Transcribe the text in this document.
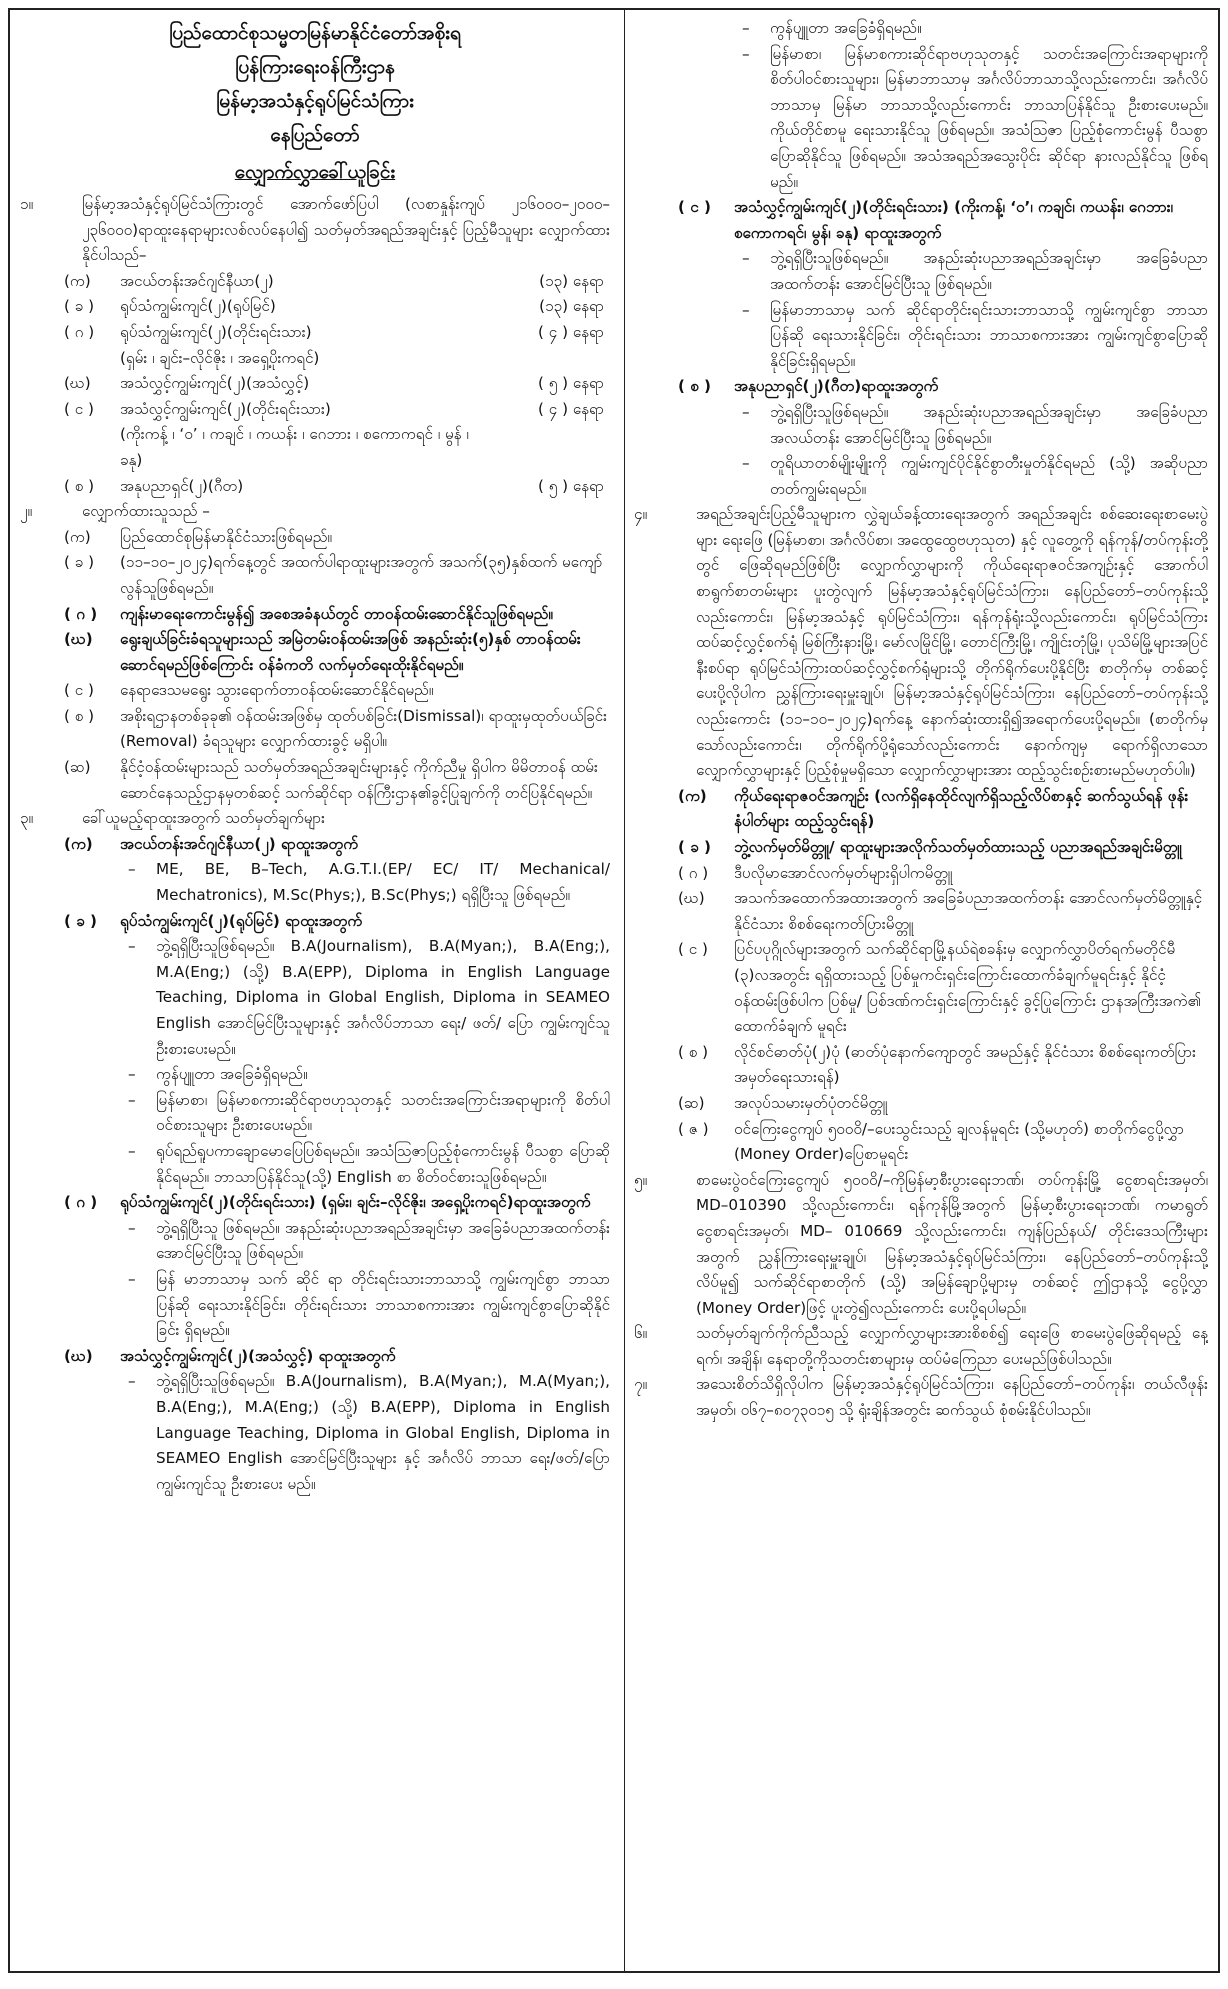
ပြည်ထောင်စုသမ္မတမြန်မာနိုင်ငံတော်အစိုးရ
ပြန်ကြားရေးဝန်ကြီးဌာန
မြန်မာ့အသံနှင့်ရုပ်မြင်သံကြား
နေပြည်တော်
လျှောက်လွှာခေါ်ယူခြင်း
၁။	မြန်မာ့အသံနှင့်ရုပ်မြင်သံကြားတွင် အောက်ဖော်ပြပါ (လစာနှုန်းကျပ် ၂၁၆၀၀၀–၂၀၀၀–၂၃၆၀၀၀)ရာထူးနေရာများလစ်လပ်နေပါ၍ သတ်မှတ်အရည်အချင်းနှင့် ပြည့်မီသူများ လျှောက်ထားနိုင်ပါသည်–
(က)	အငယ်တန်းအင်ဂျင်နီယာ(၂)	(၁၃) နေရာ
( ခ )	ရုပ်သံကျွမ်းကျင်(၂)(ရုပ်မြင်)	(၁၃) နေရာ
( ဂ )	ရုပ်သံကျွမ်းကျင်(၂)(တိုင်းရင်းသား)	( ၄ ) နေရာ
(ရှမ်း ၊ ချင်း–လိုင်ဇိုး ၊ အရှေ့ပိုးကရင်)
(ဃ)	အသံလွှင့်ကျွမ်းကျင်(၂)(အသံလွှင့်)	( ၅ ) နေရာ
( င )	အသံလွှင့်ကျွမ်းကျင်(၂)(တိုင်းရင်းသား)	( ၄ ) နေရာ
(ကိုးကန့် ၊ ‘ဝ’ ၊ ကချင် ၊ ကယန်း ၊ ဂေဘား ၊ စကောကရင် ၊ မွန် ၊ ခနု)
( စ )	အနုပညာရှင်(၂)(ဂီတ)	( ၅ ) နေရာ
၂။	လျှောက်ထားသူသည် –
(က)	ပြည်ထောင်စုမြန်မာနိုင်ငံသားဖြစ်ရမည်။
( ခ )	(၁၁–၁၀–၂၀၂၄)ရက်နေ့တွင် အထက်ပါရာထူးများအတွက် အသက်(၃၅)နှစ်ထက် မကျော်လွန်သူဖြစ်ရမည်။
( ဂ )	ကျန်းမာရေးကောင်းမွန်၍ အစေအခံနယ်တွင် တာဝန်ထမ်းဆောင်နိုင်သူဖြစ်ရမည်။
(ဃ)	ရွေးချယ်ခြင်းခံရသူများသည် အမြဲတမ်းဝန်ထမ်းအဖြစ် အနည်းဆုံး(၅)နှစ် တာဝန်ထမ်းဆောင်ရမည်ဖြစ်ကြောင်း ဝန်ခံကတိ လက်မှတ်ရေးထိုးနိုင်ရမည်။
( င )	နေရာဒေသမရွေး သွားရောက်တာဝန်ထမ်းဆောင်နိုင်ရမည်။
( စ )	အစိုးရဌာနတစ်ခုခု၏ ဝန်ထမ်းအဖြစ်မှ ထုတ်ပစ်ခြင်း(Dismissal)၊ ရာထူးမှထုတ်ပယ်ခြင်း (Removal) ခံရသူများ လျှောက်ထားခွင့် မရှိပါ။
(ဆ)	နိုင်ငံ့ဝန်ထမ်းများသည် သတ်မှတ်အရည်အချင်းများနှင့် ကိုက်ညီမှု ရှိပါက မိမိတာဝန် ထမ်းဆောင်နေသည့်ဌာနမှတစ်ဆင့် သက်ဆိုင်ရာ ဝန်ကြီးဌာန၏ခွင့်ပြုချက်ကို တင်ပြနိုင်ရမည်။
၃။	ခေါ်ယူမည့်ရာထူးအတွက် သတ်မှတ်ချက်များ
(က)	အငယ်တန်းအင်ဂျင်နီယာ(၂) ရာထူးအတွက်
–	ME, BE, B–Tech, A.G.T.I.(EP/ EC/ IT/ Mechanical/ Mechatronics), M.Sc(Phys;), B.Sc(Phys;) ရရှိပြီးသူ ဖြစ်ရမည်။
( ခ )	ရုပ်သံကျွမ်းကျင်(၂)(ရုပ်မြင်) ရာထူးအတွက်
–	ဘွဲ့ရရှိပြီးသူဖြစ်ရမည်။ B.A(Journalism), B.A(Myan;), B.A(Eng;), M.A(Eng;) (သို့) B.A(EPP), Diploma in English Language Teaching, Diploma in Global English, Diploma in SEAMEO English အောင်မြင်ပြီးသူများနှင့် အင်္ဂလိပ်ဘာသာ ရေး/ ဖတ်/ ပြော ကျွမ်းကျင်သူ ဦးစားပေးမည်။
–	ကွန်ပျူတာ အခြေခံရှိရမည်။
–	မြန်မာစာ၊ မြန်မာစကားဆိုင်ရာဗဟုသုတနှင့် သတင်းအကြောင်းအရာများကို စိတ်ပါဝင်စားသူများ ဦးစားပေးမည်။
–	ရုပ်ရည်ရူပကာချောမောပြေပြစ်ရမည်။ အသံဩဇာပြည့်စုံကောင်းမွန် ပီသစွာ ပြောဆိုနိုင်ရမည်။ ဘာသာပြန်နိုင်သူ(သို့) English စာ စိတ်ဝင်စားသူဖြစ်ရမည်။
( ဂ )	ရုပ်သံကျွမ်းကျင်(၂)(တိုင်းရင်းသား) (ရှမ်း၊ ချင်း–လိုင်ဇိုး၊ အရှေ့ပိုးကရင်)ရာထူးအတွက်
–	ဘွဲ့ရရှိပြီးသူ ဖြစ်ရမည်။ အနည်းဆုံးပညာအရည်အချင်းမှာ အခြေခံပညာအထက်တန်း အောင်မြင်ပြီးသူ ဖြစ်ရမည်။
–	မြန် မာဘာသာမှ သက် ဆိုင် ရာ တိုင်းရင်းသားဘာသာသို့ ကျွမ်းကျင်စွာ ဘာသာပြန်ဆို ရေးသားနိုင်ခြင်း၊ တိုင်းရင်းသား ဘာသာစကားအား ကျွမ်းကျင်စွာပြောဆိုနိုင်ခြင်း ရှိရမည်။
(ဃ)	အသံလွှင့်ကျွမ်းကျင်(၂)(အသံလွှင့်) ရာထူးအတွက်
–	ဘွဲ့ရရှိပြီးသူဖြစ်ရမည်။ B.A(Journalism), B.A(Myan;), M.A(Myan;), B.A(Eng;), M.A(Eng;) (သို့) B.A(EPP), Diploma in English Language Teaching, Diploma in Global English, Diploma in SEAMEO English အောင်မြင်ပြီးသူများ နှင့် အင်္ဂလိပ် ဘာသာ ရေး/ဖတ်/ပြော ကျွမ်းကျင်သူ ဦးစားပေး မည်။
–	ကွန်ပျူတာ အခြေခံရှိရမည်။
–	မြန်မာစာ၊ မြန်မာစကားဆိုင်ရာဗဟုသုတနှင့် သတင်းအကြောင်းအရာများကို စိတ်ပါဝင်စားသူများ၊ မြန်မာဘာသာမှ အင်္ဂလိပ်ဘာသာသို့လည်းကောင်း၊ အင်္ဂလိပ်ဘာသာမှ မြန်မာ ဘာသာသို့လည်းကောင်း ဘာသာပြန်နိုင်သူ ဦးစားပေးမည်။ ကိုယ်တိုင်စာမူ ရေးသားနိုင်သူ ဖြစ်ရမည်။ အသံဩဇာ ပြည့်စုံကောင်းမွန် ပီသစွာ ပြောဆိုနိုင်သူ ဖြစ်ရမည်။ အသံအရည်အသွေးပိုင်း ဆိုင်ရာ နားလည်နိုင်သူ ဖြစ်ရမည်။
( င )	အသံလွှင့်ကျွမ်းကျင်(၂)(တိုင်းရင်းသား) (ကိုးကန့်၊ ‘ဝ’၊ ကချင်၊ ကယန်း၊ ဂေဘား၊ စကောကရင်၊ မွန်၊ ခနု) ရာထူးအတွက်
–	ဘွဲ့ရရှိပြီးသူဖြစ်ရမည်။ အနည်းဆုံးပညာအရည်အချင်းမှာ အခြေခံပညာအထက်တန်း အောင်မြင်ပြီးသူ ဖြစ်ရမည်။
–	မြန်မာဘာသာမှ သက် ဆိုင်ရာတိုင်းရင်းသားဘာသာသို့ ကျွမ်းကျင်စွာ ဘာသာပြန်ဆို ရေးသားနိုင်ခြင်း၊ တိုင်းရင်းသား ဘာသာစကားအား ကျွမ်းကျင်စွာပြောဆိုနိုင်ခြင်းရှိရမည်။
( စ )	အနုပညာရှင်(၂)(ဂီတ)ရာထူးအတွက်
–	ဘွဲ့ရရှိပြီးသူဖြစ်ရမည်။ အနည်းဆုံးပညာအရည်အချင်းမှာ အခြေခံပညာအလယ်တန်း အောင်မြင်ပြီးသူ ဖြစ်ရမည်။
–	တူရိယာတစ်မျိုးမျိုးကို ကျွမ်းကျင်ပိုင်နိုင်စွာတီးမှုတ်နိုင်ရမည် (သို့) အဆိုပညာ တတ်ကျွမ်းရမည်။
၄။	အရည်အချင်းပြည့်မီသူများက လွှဲချယ်ခန့်ထားရေးအတွက် အရည်အချင်း စစ်ဆေးရေးစာမေးပွဲများ ရေးဖြေ (မြန်မာစာ၊ အင်္ဂလိပ်စာ၊ အထွေထွေဗဟုသုတ) နှင့် လူတွေ့ကို ရန်ကုန်/တပ်ကုန်းတို့တွင် ဖြေဆိုရမည်ဖြစ်ပြီး လျှောက်လွှာများကို ကိုယ်ရေးရာဇဝင်အကျဉ်းနှင့် အောက်ပါစာရွက်စာတမ်းများ ပူးတွဲလျက် မြန်မာ့အသံနှင့်ရုပ်မြင်သံကြား၊ နေပြည်တော်–တပ်ကုန်းသို့လည်းကောင်း၊ မြန်မာ့အသံနှင့် ရုပ်မြင်သံကြား၊ ရန်ကုန်ရုံးသို့လည်းကောင်း၊ ရုပ်မြင်သံကြားထပ်ဆင့်လွှင့်စက်ရုံ မြစ်ကြီးနားမြို့၊ မော်လမြိုင်မြို့၊ တောင်ကြီးမြို့၊ ကျိုင်းတုံမြို့၊ ပုသိမ်မြို့များအပြင် နီးစပ်ရာ ရုပ်မြင်သံကြားထပ်ဆင့်လွှင့်စက်ရုံများသို့ တိုက်ရိုက်ပေးပို့နိုင်ပြီး စာတိုက်မှ တစ်ဆင့်ပေးပို့လိုပါက ညွှန်ကြားရေးမှူးချုပ်၊ မြန်မာ့အသံနှင့်ရုပ်မြင်သံကြား၊ နေပြည်တော်–တပ်ကုန်းသို့လည်းကောင်း (၁၁–၁၀–၂၀၂၄)ရက်နေ့ နောက်ဆုံးထားရှိ၍အရောက်ပေးပို့ရမည်။ (စာတိုက်မှ သော်လည်းကောင်း၊ တိုက်ရိုက်ပို့ရုံသော်လည်းကောင်း နောက်ကျမှ ရောက်ရှိလာသော လျှောက်လွှာများနှင့် ပြည့်စုံမှုမရှိသော လျှောက်လွှာများအား ထည့်သွင်းစဉ်းစားမည်မဟုတ်ပါ။)
(က)	ကိုယ်ရေးရာဇဝင်အကျဉ်း (လက်ရှိနေထိုင်လျက်ရှိသည့်လိပ်စာနှင့် ဆက်သွယ်ရန် ဖုန်းနံပါတ်များ ထည့်သွင်းရန်)
( ခ )	ဘွဲ့လက်မှတ်မိတ္တူ/ ရာထူးများအလိုက်သတ်မှတ်ထားသည့် ပညာအရည်အချင်းမိတ္တူ
( ဂ )	ဒီပလိုမာအောင်လက်မှတ်များရှိပါကမိတ္တူ
(ဃ)	အသက်အထောက်အထားအတွက် အခြေခံပညာအထက်တန်း အောင်လက်မှတ်မိတ္တူနှင့် နိုင်ငံသား စိစစ်ရေးကတ်ပြားမိတ္တူ
( င )	ပြင်ပပုဂ္ဂိုလ်များအတွက် သက်ဆိုင်ရာမြို့နယ်ရဲစခန်းမှ လျှောက်လွှာပိတ်ရက်မတိုင်မီ (၃)လအတွင်း ရရှိထားသည့် ပြစ်မှုကင်းရှင်းကြောင်းထောက်ခံချက်မူရင်းနှင့် နိုင်ငံ့ဝန်ထမ်းဖြစ်ပါက ပြစ်မှု/ ပြစ်ဒဏ်ကင်းရှင်းကြောင်းနှင့် ခွင့်ပြုကြောင်း ဌာနအကြီးအကဲ၏ ထောက်ခံချက် မူရင်း
( စ )	လိုင်စင်ဓာတ်ပုံ(၂)ပုံ (ဓာတ်ပုံနောက်ကျောတွင် အမည်နှင့် နိုင်ငံသား စိစစ်ရေးကတ်ပြားအမှတ်ရေးသားရန်)
(ဆ)	အလုပ်သမားမှတ်ပုံတင်မိတ္တူ
( ဇ )	ဝင်ကြေးငွေကျပ် ၅၀၀၀ိ/–ပေးသွင်းသည့် ချလန်မူရင်း (သို့မဟုတ်) စာတိုက်ငွေပို့လွှာ (Money Order)ပြေစာမူရင်း
၅။	စာမေးပွဲဝင်ကြေးငွေကျပ် ၅၀၀၀ိ/–ကိုမြန်မာ့စီးပွားရေးဘဏ်၊ တပ်ကုန်းမြို့ ငွေစာရင်းအမှတ်၊ MD–010390 သို့လည်းကောင်း၊ ရန်ကုန်မြို့အတွက် မြန်မာ့စီးပွားရေးဘဏ်၊ ကမာရွတ် ငွေစာရင်းအမှတ်၊ MD– 010669 သို့လည်းကောင်း၊ ကျန်ပြည်နယ်/ တိုင်းဒေသကြီးများအတွက် ညွှန်ကြားရေးမှူးချုပ်၊ မြန်မာ့အသံနှင့်ရုပ်မြင်သံကြား၊ နေပြည်တော်–တပ်ကုန်းသို့ လိပ်မူ၍ သက်ဆိုင်ရာစာတိုက် (သို့) အမြန်ချောပို့များမှ တစ်ဆင့် ဤဌာနသို့ ငွေပို့လွှာ (Money Order)ဖြင့် ပူးတွဲ၍လည်းကောင်း ပေးပို့ရပါမည်။
၆။	သတ်မှတ်ချက်ကိုက်ညီသည့် လျှောက်လွှာများအားစိစစ်၍ ရေးဖြေ စာမေးပွဲဖြေဆိုရမည့် နေ့ရက်၊ အချိန်၊ နေရာတို့ကိုသတင်းစာများမှ ထပ်မံကြေညာ ပေးမည်ဖြစ်ပါသည်။
၇။	အသေးစိတ်သိရှိလိုပါက မြန်မာ့အသံနှင့်ရုပ်မြင်သံကြား၊ နေပြည်တော်–တပ်ကုန်း၊ တယ်လီဖုန်း အမှတ်၊ ၀၆၇–၈၀၇၃၀၁၅ သို့ ရုံးချိန်အတွင်း ဆက်သွယ် စုံစမ်းနိုင်ပါသည်။
